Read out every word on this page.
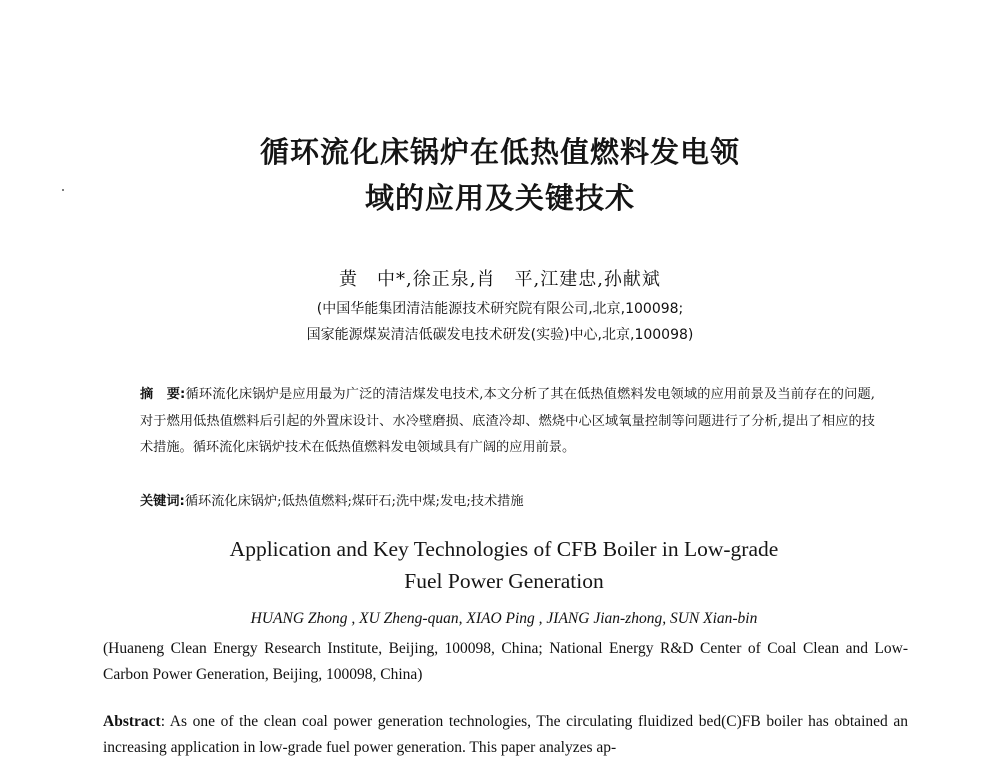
循环流化床锅炉在低热值燃料发电领
域的应用及关键技术
黄　中*,徐正泉,肖　平,江建忠,孙献斌
(中国华能集团清洁能源技术研究院有限公司,北京,100098;
国家能源煤炭清洁低碳发电技术研发(实验)中心,北京,100098)
摘　要:循环流化床锅炉是应用最为广泛的清洁煤发电技术,本文分析了其在低热值燃料发电领域的应用前景及当前存在的问题,对于燃用低热值燃料后引起的外置床设计、水冷壁磨损、底渣冷却、燃烧中心区域氧量控制等问题进行了分析,提出了相应的技术措施。循环流化床锅炉技术在低热值燃料发电领域具有广阔的应用前景。
关键词:循环流化床锅炉;低热值燃料;煤矸石;洗中煤;发电;技术措施
Application and Key Technologies of CFB Boiler in Low-grade
Fuel Power Generation
HUANG Zhong , XU Zheng-quan, XIAO Ping , JIANG Jian-zhong, SUN Xian-bin
(Huaneng Clean Energy Research Institute, Beijing, 100098, China; National Energy R&D Center of Coal Clean and Low-Carbon Power Generation, Beijing, 100098, China)
Abstract: As one of the clean coal power generation technologies, The circulating fluidized bed(C)FB boiler has obtained an increasing application in low-grade fuel power generation. This paper analyzes ap-
